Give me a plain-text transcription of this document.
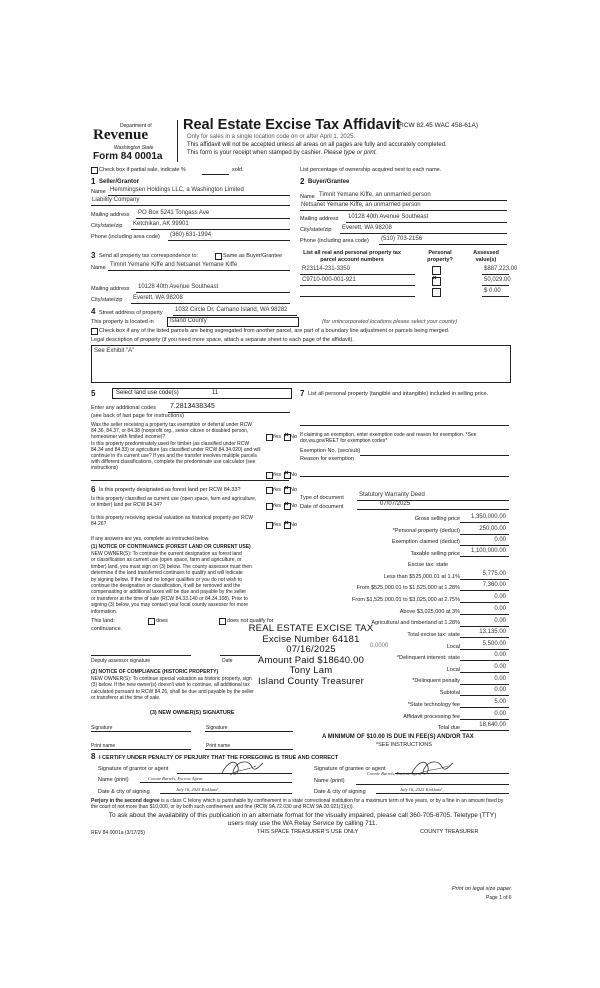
Department of
Revenue
Washington State
Form 84 0001a
Real Estate Excise Tax Affidavit
(RCW 82.45 WAC 458-61A)
Only for sales in a single location code on or after April 1, 2025.
This affidavit will not be accepted unless all areas on all pages are fully and accurately completed.
This form is your receipt when stamped by cashier. Please type or print.
Check box if partial sale, indicate %	sold.	List percentage of ownership acquired next to each name.
1 Seller/Grantor
Name Hemmingsen Holdings LLC, a Washington Limited
Liability Company
Mailing address PO Box 5241 Tongass Ave
City/state/zip Ketchikan, AK 99901
Phone (including area code) (360) 631-1994
2 Buyer/Grantee
Name Timnit Yemane Kiffe, an unmarried person
Netsanet Yemane Kiffe, an unmarried person
Mailing address 10128 40th Avenue Southeast
City/state/zip Everett, WA 98208
Phone (including area code) (510) 703-2156
3 Send all property tax correspondence to:	Same as Buyer/Grantee
Name Timnit Yemane Kiffe and Netsanet Yemane Kiffe
Mailing address 10128 40th Avenue Southeast
City/state/zip Everett, WA 98208
List all real and personal property tax parcel account numbers
Personal property?
Assessed value(s)
R23114-231-3350	$887,223.00
C9710-000-001-921 ×	50,029.00
$ 0.00
4 Street address of property 1032 Circle Dr, Camano Island, WA 98282
This property is located in	Island County	(for unincorporated locations please select your county)
Check box if any of the listed parcels are being segregated from another parcel, are part of a boundary line adjustment or parcels being merged.
Legal description of property (if you need more space, attach a separate sheet to each page of the affidavit).
See Exhibit "A"
5	Select land use code(s)	11
Enter any additional codes 7.2813438345
(see back of last page for instructions)
Was the seller receiving a property tax exemption or deferral under RCW 84.36, 84.37, or 84.38 (nonprofit org., senior citizen or disabled person, homeowner with limited income)?	Yes × No
Is this property predominately used for timber (as classified under RCW 84.34 and 84.33) or agriculture (as classified under RCW 84.34.020) and will continue in it's current use? If yes and the transfer involves multiple parcels with different classifications, complete the predominate use calculator (see instructions)
Yes × No
6 Is this property designated as forest land per RCW 84.33?	Yes × No
Is this property classified as current use (open space, farm and agriculture, or timber) land per RCW 84.34?	Yes × No
Is this property receiving special valuation as historical property per RCW 84.26?	Yes × No
If any answers are yes, complete as instructed below.
(1) NOTICE OF CONTINUANCE (FOREST LAND OR CURRENT USE)
NEW OWNER(S): To continue the current designation as forest land
or classification as current use (open space, farm and agriculture, or
timber) land, you must sign on (3) below. The county assessor must then
determine if the land transferred continues to qualify and will indicate
by signing below. If the land no longer qualifies or you do not wish to
continue the designation or classification, it will be removed and the
compensating or additional taxes will be due and payable by the seller
or transferor at the time of sale (RCW 84.33.140 or 84.34.108). Prior to
signing (3) below, you may contact your local county assessor for more
information.
This land:
continuance.
does	does not qualify for
Deputy assessor signature	Date
(2) NOTICE OF COMPLIANCE (HISTORIC PROPERTY)
NEW OWNER(S): To continue special valuation as historic property, sign
(3) below. If the new owner(s) doesn't wish to continue, all additional tax
calculated pursuant to RCW 84.26, shall be due and payable by the seller
or transferor at the time of sale.
(3) NEW OWNER(S) SIGNATURE
Signature	Signature
Print name	Print name
7 List all personal property (tangible and intangible) included in selling price.
If claiming an exemption, enter exemption code and reason for exemption. *See dor.wa.gov/REET for exemption codes*
Exemption No. (sec/sub)
Reason for exemption
Type of document	Statutory Warranty Deed
Date of document	07/07/2025
Gross selling price	1,350,000.00
*Personal property (deduct)	250,00.00
Exemption claimed (deduct)	0.00
Taxable selling price	1,100,000.00
Excise tax: state
Less than $525,000.01 at 1.1%	5,775.00
From $525,000.01 to $1,525,000 at 1.28%	7,360.00
From $1,525,000.01 to $3,025,000 at 2.75%	0.00
Above $3,025,000 at 3%	0.00
Agricultural and timberland at 1.28%	0.00
Total excise tax: state	13,135.00
0.0000	Local	5,500.00
*Delinquent interest: state	0.00
Local	0.00
*Delinquent penalty	0.00
Subtotal	0.00
*State technology fee	5.00
Affidavit processing fee	0.00
Total due	18,640.00
A MINIMUM OF $10.00 IS DUE IN FEE(S) AND/OR TAX
*SEE INSTRUCTIONS
REAL ESTATE EXCISE TAX
Excise Number 64181
07/16/2025
Amount Paid $18640.00
Tony Lam
Island County Treasurer
8 I CERTIFY UNDER PENALTY OF PERJURY THAT THE FOREGOING IS TRUE AND CORRECT
Signature of grantor or agent
Name (print)	Connie Bartels, Escrow Agent
Date & city of signing	July 16, 2025 Kirkland
Signature of grantee or agent
Name (print)
Connie Bartels, Escrow Agent
Date & city of signing	July 16, 2025 Kirkland
Perjury in the second degree is a class C felony which is punishable by confinement in a state correctional institution for a maximum term of five years, or by a fine in an amount fixed by the court of not more than $10,000, or by both such confinement and fine (RCW 9A.72.030 and RCW 9A.20.021(1)(c)).
To ask about the availability of this publication in an alternate format for the visually impaired, please call 360-705-6705. Teletype (TTY) users may use the WA Relay Service by calling 711.
REV 84 0001a (3/17/25)	THIS SPACE TREASURER'S USE ONLY	COUNTY TREASURER
Print on legal size paper.
Page 1 of 6
